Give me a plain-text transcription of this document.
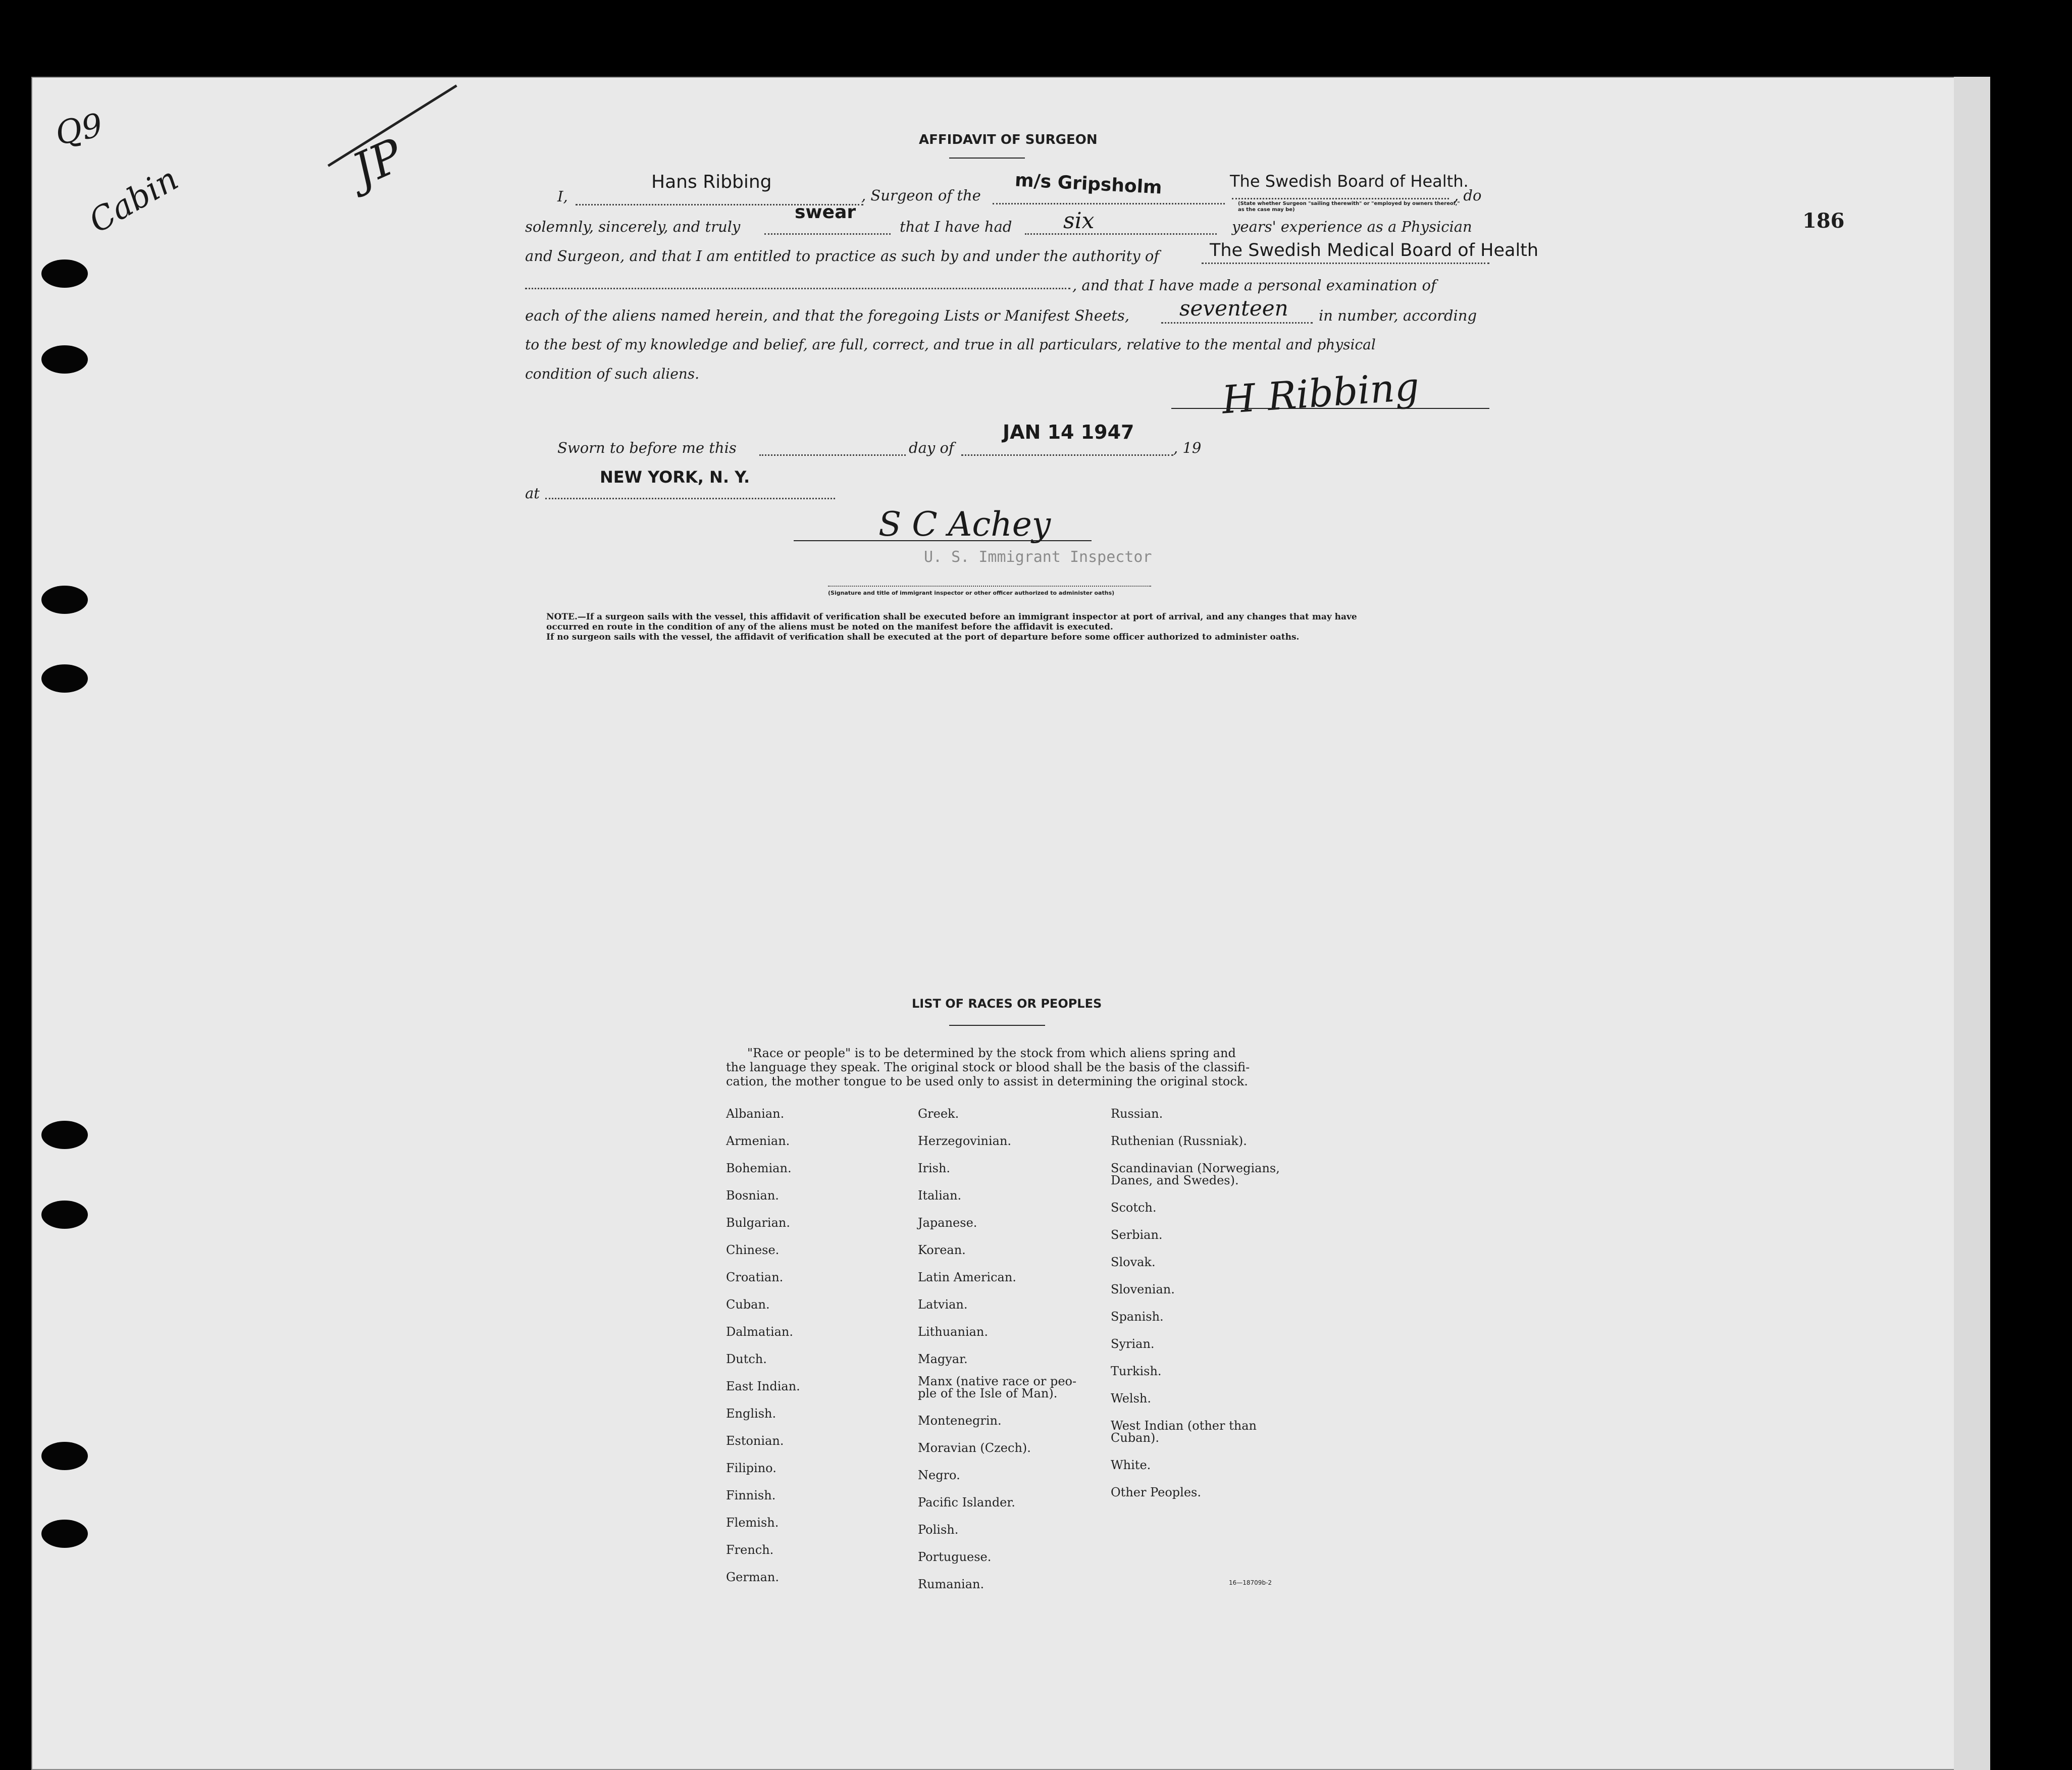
Q9
Cabin	JP
186
AFFIDAVIT OF SURGEON
I,
Hans Ribbing
, Surgeon of the m/s Gripsholm	The Swedish Board of Health.
, do
(State whether Surgeon "sailing therewith" or "employed by owners thereof," as the case may be)
solemnly, sincerely, and truly
swear
that I have had six	years' experience as a Physician
and Surgeon, and that I am entitled to practice as such by and under the authority of	The Swedish Medical Board of Health
, and that I have made a personal examination of
each of the aliens named herein, and that the foregoing Lists or Manifest Sheets, seventeen in number, according
to the best of my knowledge and belief, are full, correct, and true in all particulars, relative to the mental and physical
condition of such aliens.	H Ribbing
Sworn to before me this	day of
JAN 14 1947
, 19
at
NEW YORK, N. Y.
S C Achey
U. S. Immigrant Inspector
(Signature and title of immigrant inspector or other officer authorized to administer oaths)
NOTE.—If a surgeon sails with the vessel, this affidavit of verification shall be executed before an immigrant inspector at port of arrival, and any changes that may have
occurred en route in the condition of any of the aliens must be noted on the manifest before the affidavit is executed.
If no surgeon sails with the vessel, the affidavit of verification shall be executed at the port of departure before some officer authorized to administer oaths.
LIST OF RACES OR PEOPLES
"Race or people" is to be determined by the stock from which aliens spring and
the language they speak. The original stock or blood shall be the basis of the classifi-
cation, the mother tongue to be used only to assist in determining the original stock.
Albanian.
Armenian.
Bohemian.
Bosnian.
Bulgarian.
Chinese.
Croatian.
Cuban.
Dalmatian.
Dutch.
East Indian.
English.
Estonian.
Filipino.
Finnish.
Flemish.
French.
German.
Greek.
Herzegovinian.
Irish.
Italian.
Japanese.
Korean.
Latin American.
Latvian.
Lithuanian.
Magyar.
Manx (native race or peo-
ple of the Isle of Man).
Montenegrin.
Moravian (Czech).
Negro.
Pacific Islander.
Polish.
Portuguese.
Rumanian.
Russian.
Ruthenian (Russniak).
Scandinavian (Norwegians,
Danes, and Swedes).
Scotch.
Serbian.
Slovak.
Slovenian.
Spanish.
Syrian.
Turkish.
Welsh.
West Indian (other than
Cuban).
White.
Other Peoples.
16—18709b-2
